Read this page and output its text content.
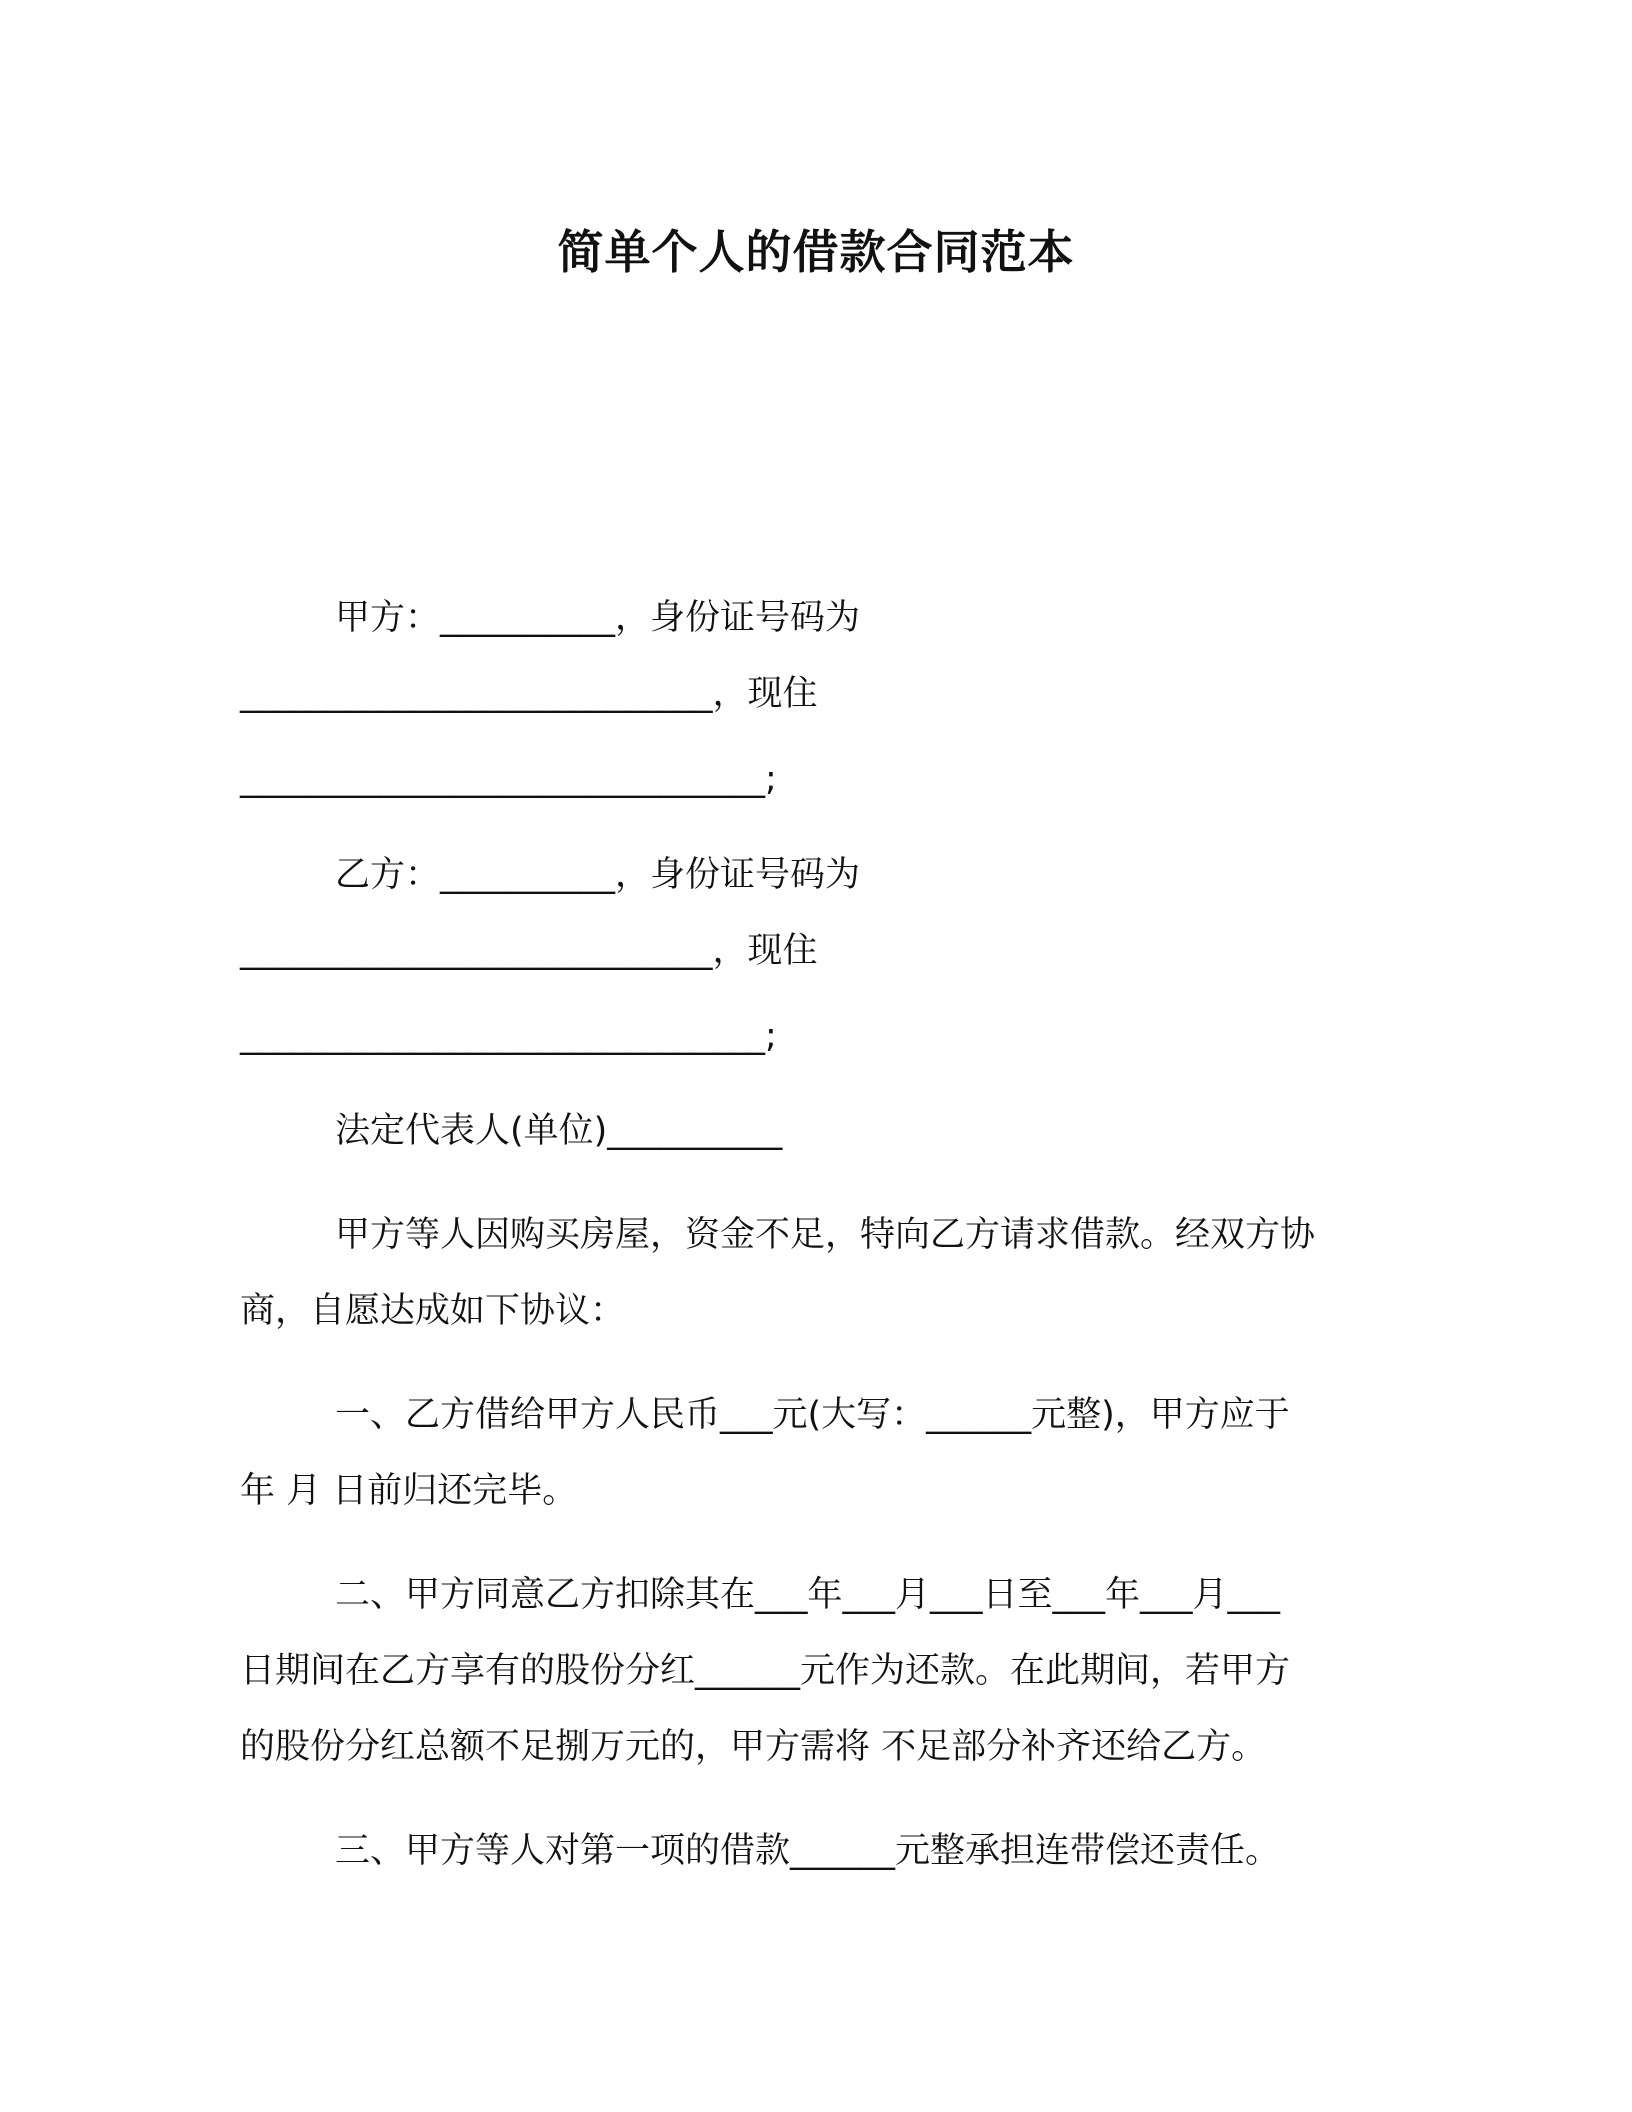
简单个人的借款合同范本
甲方：__________，身份证号码为
___________________________，现住
______________________________;
乙方：__________，身份证号码为
___________________________，现住
______________________________;
法定代表人(单位)__________
甲方等人因购买房屋，资金不足，特向乙方请求借款。经双方协
商，自愿达成如下协议：
一、乙方借给甲方人民币___元(大写：______元整)，甲方应于
年 月 日前归还完毕。
二、甲方同意乙方扣除其在___年___月___日至___年___月___
日期间在乙方享有的股份分红______元作为还款。在此期间，若甲方
的股份分红总额不足捌万元的，甲方需将 不足部分补齐还给乙方。
三、甲方等人对第一项的借款______元整承担连带偿还责任。
